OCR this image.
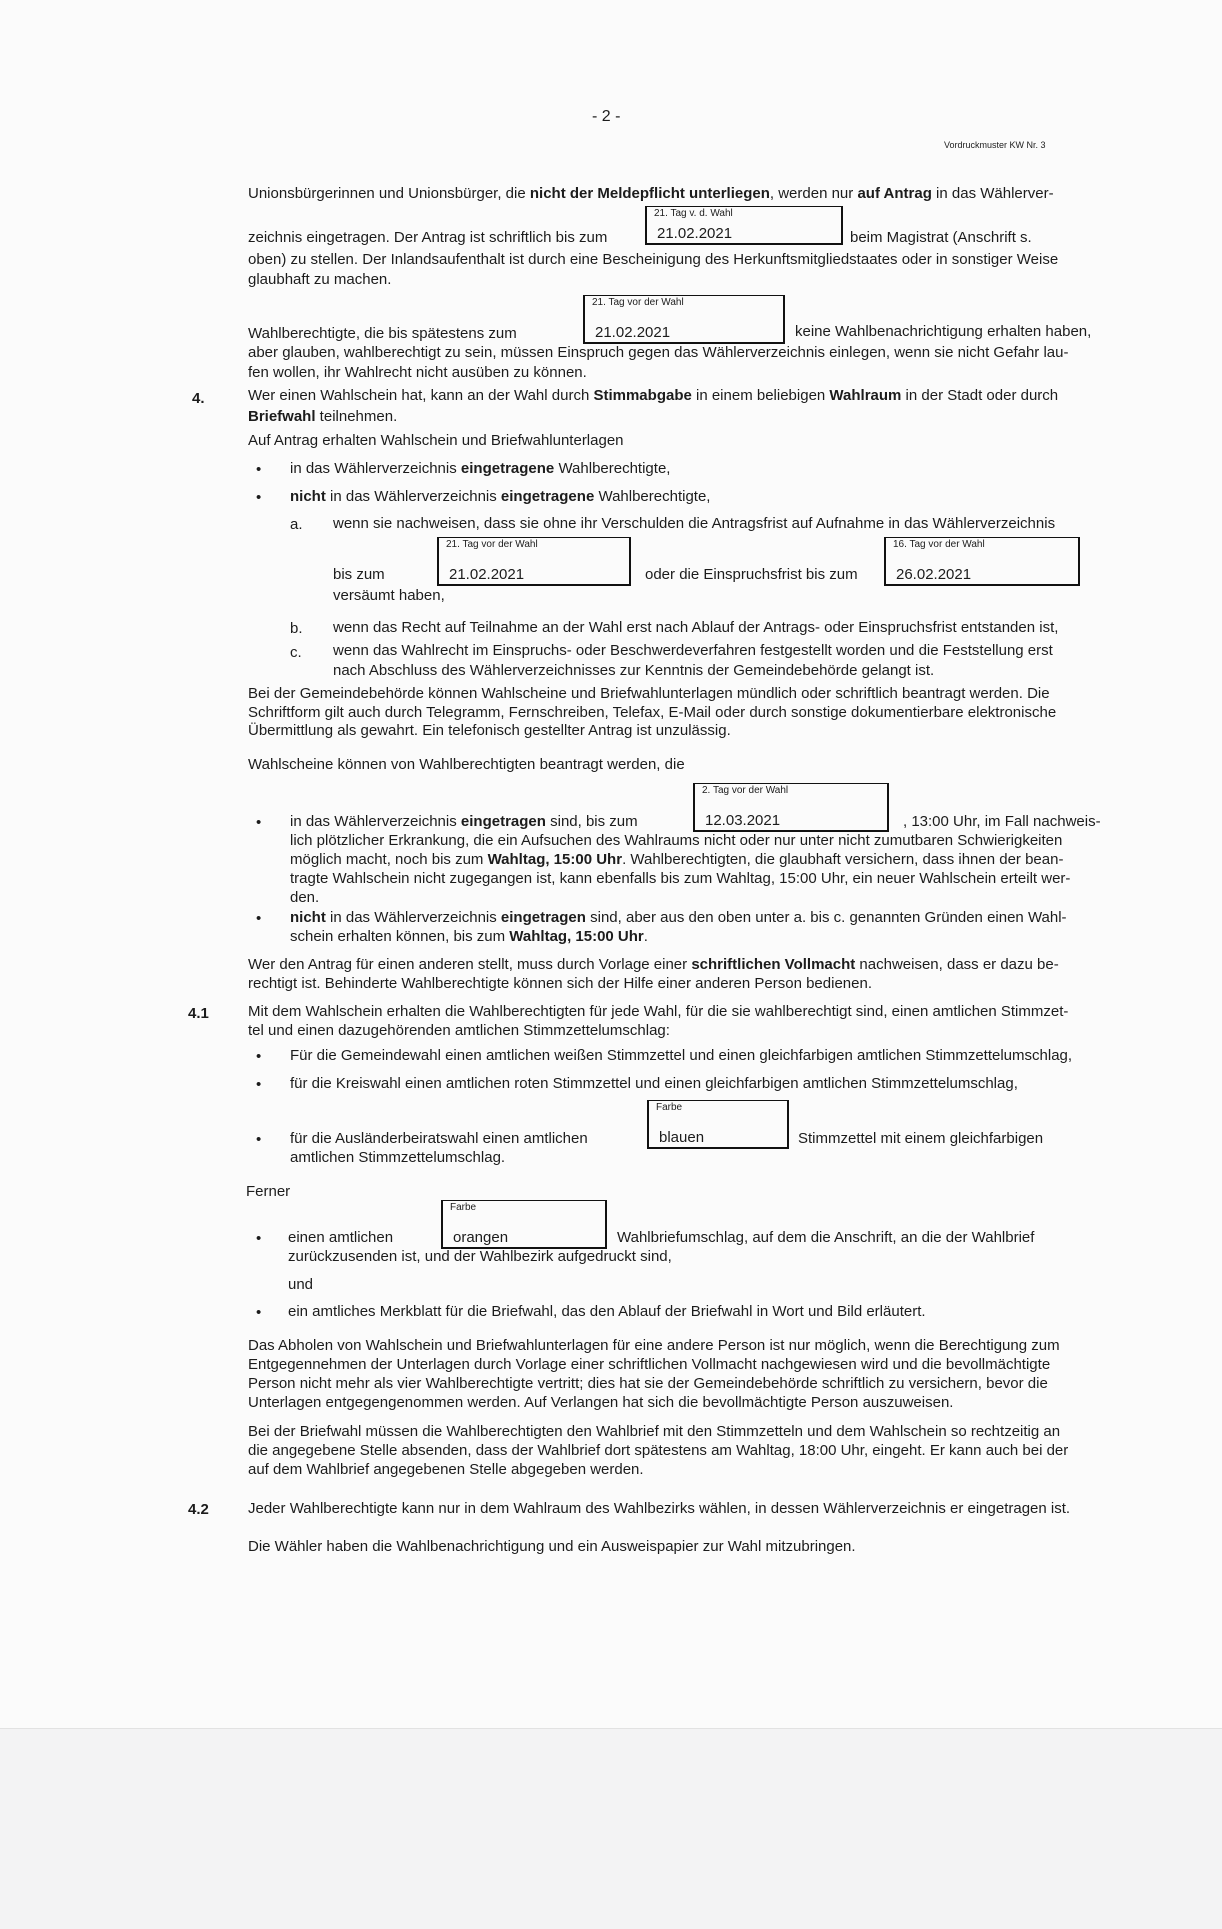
- 2 -
Vordruckmuster KW Nr. 3
Unionsbürgerinnen und Unionsbürger, die nicht der Meldepflicht unterliegen, werden nur auf Antrag in das Wählerver-
21. Tag v. d. Wahl
21.02.2021
zeichnis eingetragen. Der Antrag ist schriftlich bis zum	beim Magistrat (Anschrift s.
oben) zu stellen. Der Inlandsaufenthalt ist durch eine Bescheinigung des Herkunftsmitgliedstaates oder in sonstiger Weise
glaubhaft zu machen.
21. Tag vor der Wahl
21.02.2021
Wahlberechtigte, die bis spätestens zum	keine Wahlbenachrichtigung erhalten haben,
aber glauben, wahlberechtigt zu sein, müssen Einspruch gegen das Wählerverzeichnis einlegen, wenn sie nicht Gefahr lau-
fen wollen, ihr Wahlrecht nicht ausüben zu können.
4.	Wer einen Wahlschein hat, kann an der Wahl durch Stimmabgabe in einem beliebigen Wahlraum in der Stadt oder durch
Briefwahl teilnehmen.
Auf Antrag erhalten Wahlschein und Briefwahlunterlagen
• in das Wählerverzeichnis eingetragene Wahlberechtigte,
• nicht in das Wählerverzeichnis eingetragene Wahlberechtigte,
a. wenn sie nachweisen, dass sie ohne ihr Verschulden die Antragsfrist auf Aufnahme in das Wählerverzeichnis
21. Tag vor der Wahl
21.02.2021
16. Tag vor der Wahl
26.02.2021
bis zum	oder die Einspruchsfrist bis zum
versäumt haben,
b. wenn das Recht auf Teilnahme an der Wahl erst nach Ablauf der Antrags- oder Einspruchsfrist entstanden ist,
c. wenn das Wahlrecht im Einspruchs- oder Beschwerdeverfahren festgestellt worden und die Feststellung erst
nach Abschluss des Wählerverzeichnisses zur Kenntnis der Gemeindebehörde gelangt ist.
Bei der Gemeindebehörde können Wahlscheine und Briefwahlunterlagen mündlich oder schriftlich beantragt werden. Die
Schriftform gilt auch durch Telegramm, Fernschreiben, Telefax, E-Mail oder durch sonstige dokumentierbare elektronische
Übermittlung als gewahrt. Ein telefonisch gestellter Antrag ist unzulässig.
Wahlscheine können von Wahlberechtigten beantragt werden, die
2. Tag vor der Wahl
12.03.2021
• in das Wählerverzeichnis eingetragen sind, bis zum	, 13:00 Uhr, im Fall nachweis-
lich plötzlicher Erkrankung, die ein Aufsuchen des Wahlraums nicht oder nur unter nicht zumutbaren Schwierigkeiten
möglich macht, noch bis zum Wahltag, 15:00 Uhr. Wahlberechtigten, die glaubhaft versichern, dass ihnen der bean-
tragte Wahlschein nicht zugegangen ist, kann ebenfalls bis zum Wahltag, 15:00 Uhr, ein neuer Wahlschein erteilt wer-
den.
• nicht in das Wählerverzeichnis eingetragen sind, aber aus den oben unter a. bis c. genannten Gründen einen Wahl-
schein erhalten können, bis zum Wahltag, 15:00 Uhr.
Wer den Antrag für einen anderen stellt, muss durch Vorlage einer schriftlichen Vollmacht nachweisen, dass er dazu be-
rechtigt ist. Behinderte Wahlberechtigte können sich der Hilfe einer anderen Person bedienen.
4.1	Mit dem Wahlschein erhalten die Wahlberechtigten für jede Wahl, für die sie wahlberechtigt sind, einen amtlichen Stimmzet-
tel und einen dazugehörenden amtlichen Stimmzettelumschlag:
• Für die Gemeindewahl einen amtlichen weißen Stimmzettel und einen gleichfarbigen amtlichen Stimmzettelumschlag,
• für die Kreiswahl einen amtlichen roten Stimmzettel und einen gleichfarbigen amtlichen Stimmzettelumschlag,
Farbe
blauen
• für die Ausländerbeiratswahl einen amtlichen	Stimmzettel mit einem gleichfarbigen
amtlichen Stimmzettelumschlag.
Ferner
Farbe
orangen
• einen amtlichen	Wahlbriefumschlag, auf dem die Anschrift, an die der Wahlbrief
zurückzusenden ist, und der Wahlbezirk aufgedruckt sind,
und
• ein amtliches Merkblatt für die Briefwahl, das den Ablauf der Briefwahl in Wort und Bild erläutert.
Das Abholen von Wahlschein und Briefwahlunterlagen für eine andere Person ist nur möglich, wenn die Berechtigung zum
Entgegennehmen der Unterlagen durch Vorlage einer schriftlichen Vollmacht nachgewiesen wird und die bevollmächtigte
Person nicht mehr als vier Wahlberechtigte vertritt; dies hat sie der Gemeindebehörde schriftlich zu versichern, bevor die
Unterlagen entgegengenommen werden. Auf Verlangen hat sich die bevollmächtigte Person auszuweisen.
Bei der Briefwahl müssen die Wahlberechtigten den Wahlbrief mit den Stimmzetteln und dem Wahlschein so rechtzeitig an
die angegebene Stelle absenden, dass der Wahlbrief dort spätestens am Wahltag, 18:00 Uhr, eingeht. Er kann auch bei der
auf dem Wahlbrief angegebenen Stelle abgegeben werden.
4.2	Jeder Wahlberechtigte kann nur in dem Wahlraum des Wahlbezirks wählen, in dessen Wählerverzeichnis er eingetragen ist.
Die Wähler haben die Wahlbenachrichtigung und ein Ausweispapier zur Wahl mitzubringen.
